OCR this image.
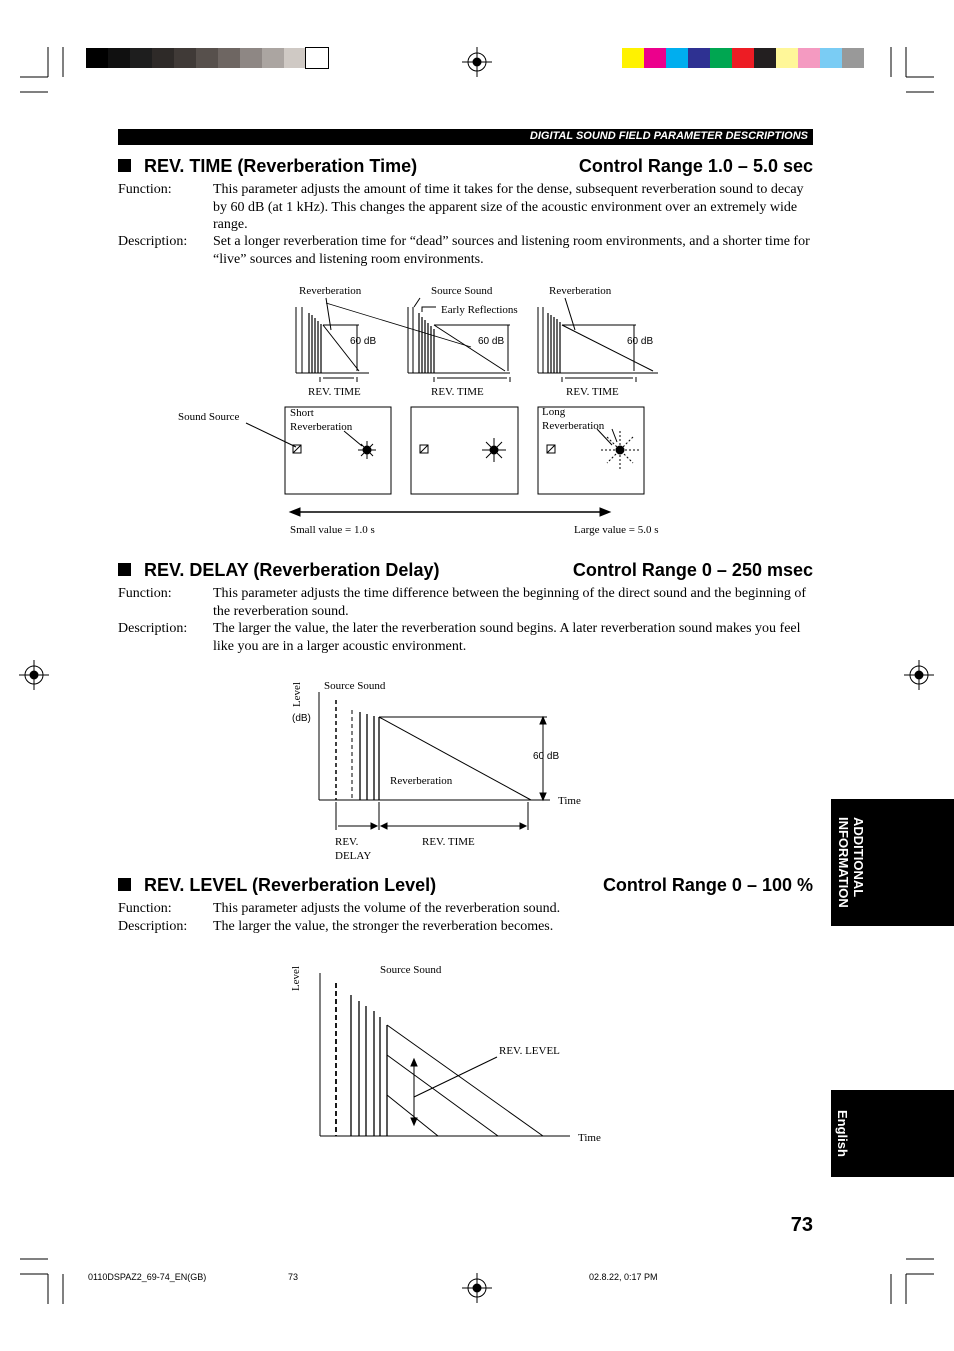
DIGITAL SOUND FIELD PARAMETER DESCRIPTIONS
REV. TIME (Reverberation Time)	Control Range 1.0 – 5.0 sec
Function:	This parameter adjusts the amount of time it takes for the dense, subsequent reverberation sound to decay by 60 dB (at 1 kHz). This changes the apparent size of the acoustic environment over an extremely wide range.
Description: Set a longer reverberation time for “dead” sources and listening room environments, and a shorter time for “live” sources and listening room environments.
Reverberation	Source Sound
Early Reflections
Reverberation
60 dB	60 dB	60 dB
REV. TIME	REV. TIME	REV. TIME
Sound Source	Short
Reverberation
Long
Reverberation
Small value = 1.0 s	Large value = 5.0 s
REV. DELAY (Reverberation Delay)	Control Range 0 – 250 msec
Function:	This parameter adjusts the time difference between the beginning of the direct sound and the beginning of the reverberation sound.
Description: The larger the value, the later the reverberation sound begins. A later reverberation sound makes you feel like you are in a larger acoustic environment.
Level
(dB)
Source Sound
60 dB
Reverberation
Time
REV.
DELAY
REV. TIME
REV. LEVEL (Reverberation Level)	Control Range 0 – 100 %
Function:	This parameter adjusts the volume of the reverberation sound.
Description: The larger the value, the stronger the reverberation becomes.
Level	Source Sound
REV. LEVEL
Time
ADDITIONAL
INFORMATION
English
73
0110DSPAZ2_69-74_EN(GB)	73	02.8.22, 0:17 PM
